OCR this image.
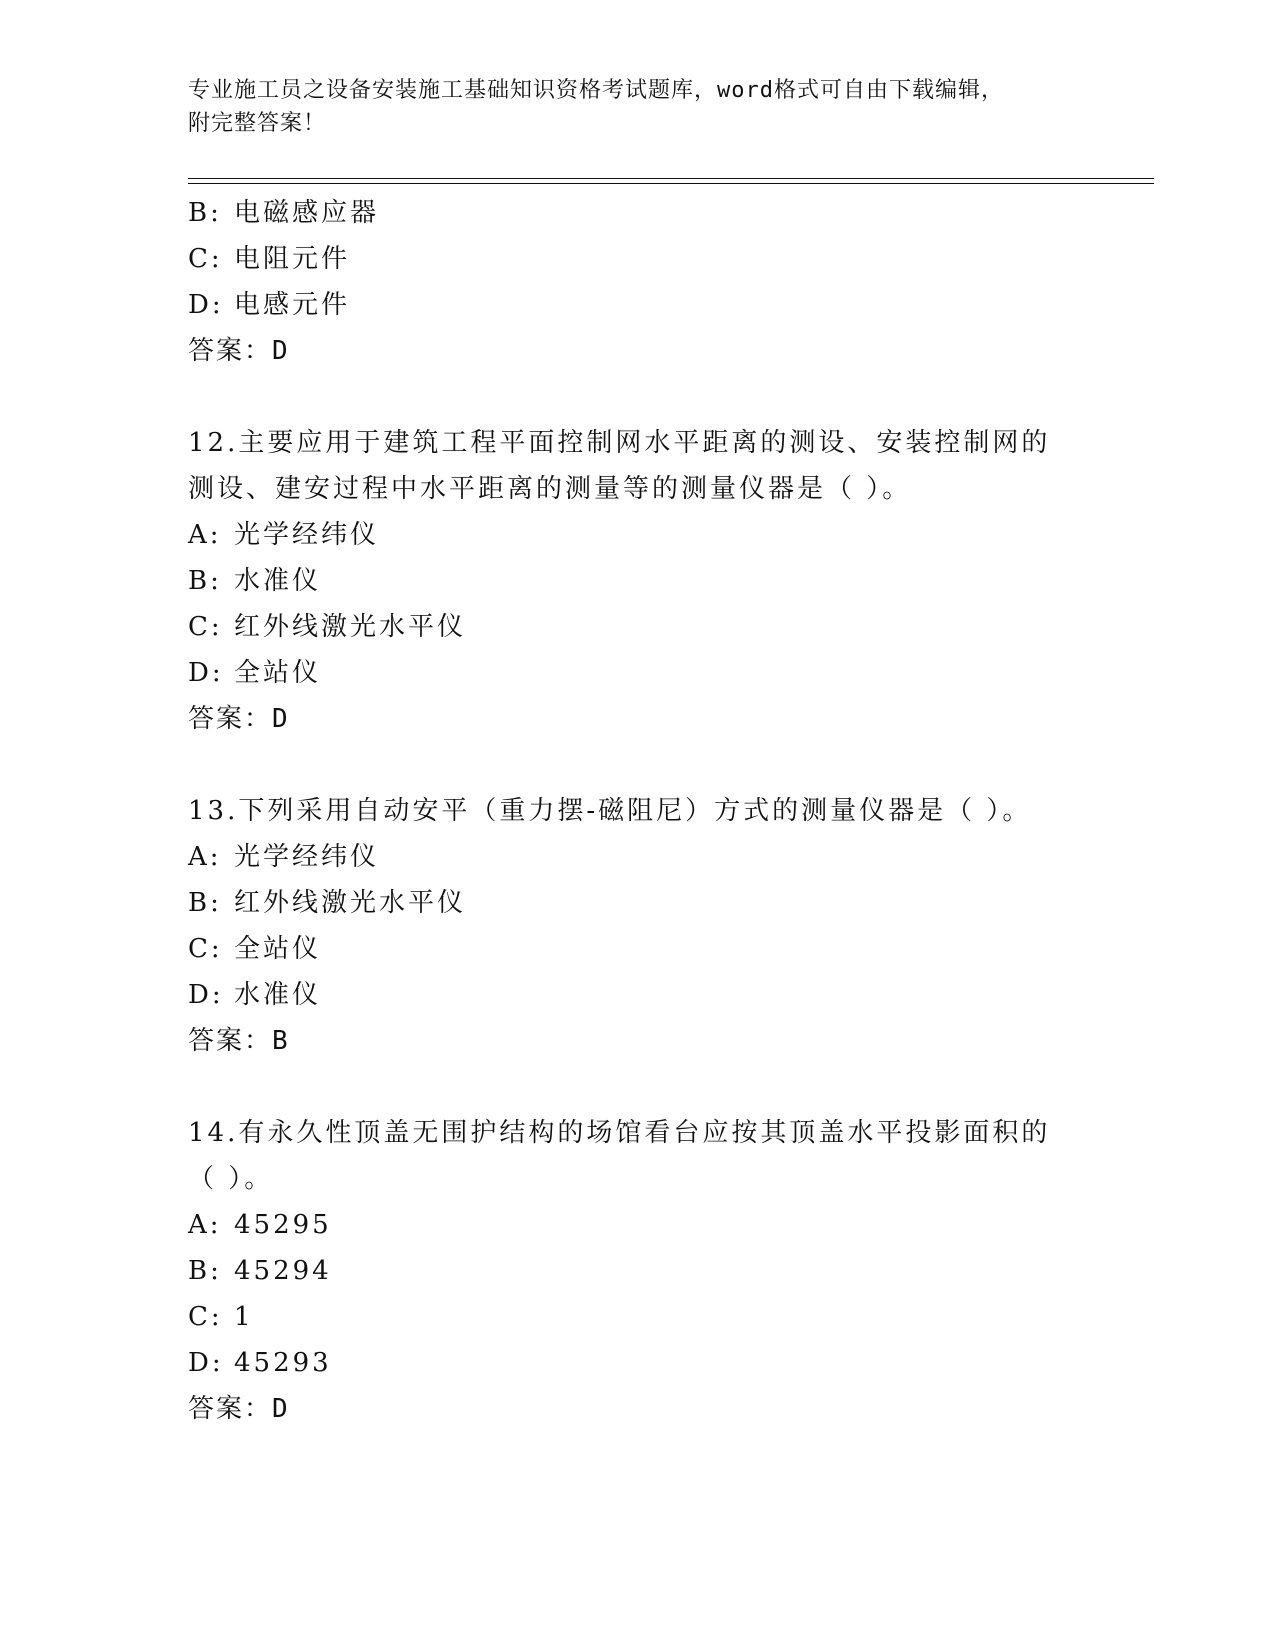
专业施工员之设备安装施工基础知识资格考试题库，word格式可自由下载编辑，
附完整答案！
B: 电磁感应器
C: 电阻元件
D: 电感元件
答案：D
12.主要应用于建筑工程平面控制网水平距离的测设、安装控制网的测设、建安过程中水平距离的测量等的测量仪器是（ ）。
A: 光学经纬仪
B: 水准仪
C: 红外线激光水平仪
D: 全站仪
答案：D
13.下列采用自动安平（重力摆-磁阻尼）方式的测量仪器是（ ）。
A: 光学经纬仪
B: 红外线激光水平仪
C: 全站仪
D: 水准仪
答案：B
14.有永久性顶盖无围护结构的场馆看台应按其顶盖水平投影面积的（ ）。
A: 45295
B: 45294
C: 1
D: 45293
答案：D
